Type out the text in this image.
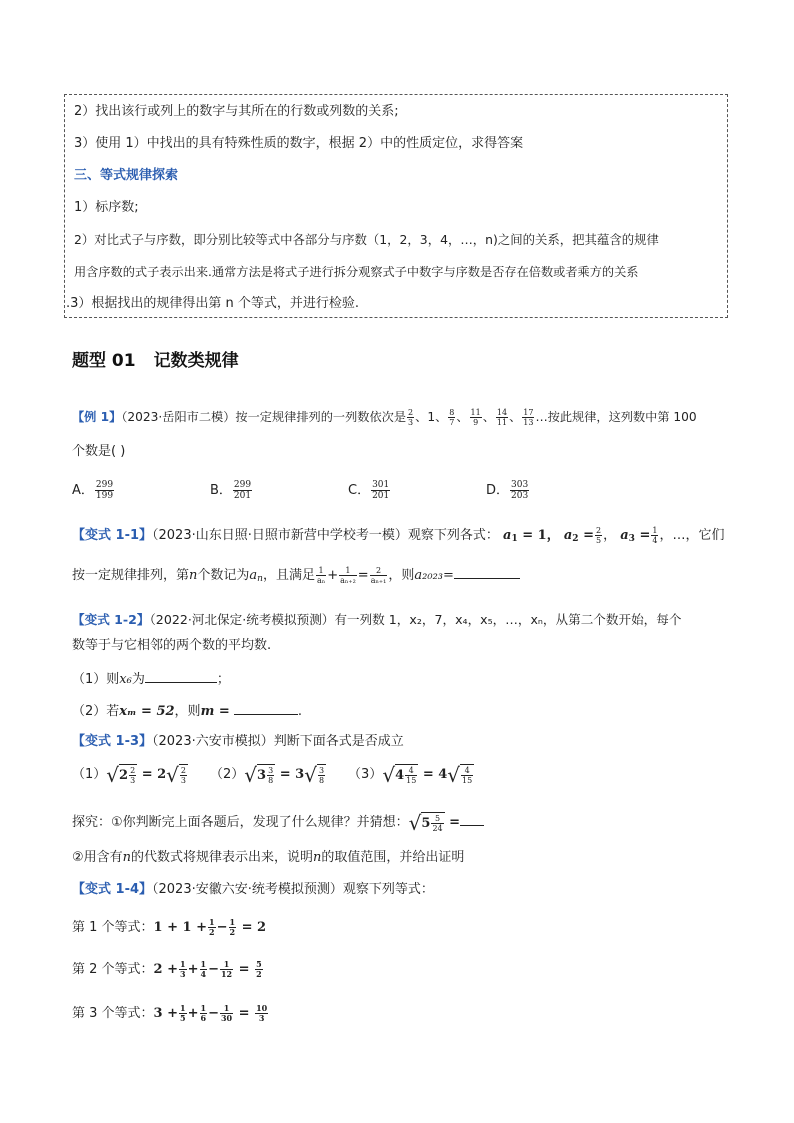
2）找出该行或列上的数字与其所在的行数或列数的关系;
3）使用 1）中找出的具有特殊性质的数字，根据 2）中的性质定位，求得答案
三、等式规律探索
1）标序数;
2）对比式子与序数，即分别比较等式中各部分与序数（1，2，3，4，…，n)之间的关系，把其蕴含的规律
用含序数的式子表示出来.通常方法是将式子进行拆分观察式子中数字与序数是否存在倍数或者乘方的关系
.3）根据找出的规律得出第 n 个等式，并进行检验.
题型 01 记数类规律
【例 1】（2023·岳阳市二模）按一定规律排列的一列数依次是 $\frac{2}{3}$ 、1、 $\frac{8}{7}$ 、 $\frac{11}{9}$ 、 $\frac{14}{11}$ 、 $\frac{17}{13}$ …按此规律，这列数中第 100
个数是( )
A． $\frac{299}{199}$	B． $\frac{299}{201}$	C． $\frac{301}{201}$	D． $\frac{303}{203}$
【变式 1-1】（2023·山东日照·日照市新营中学校考一模）观察下列各式： $a_1 = 1$， $a_2 = \frac{2}{5}$ ， $a_3 = \frac{1}{4}$ ，…，它们
按一定规律排列，第n个数记为$a_n$，且满足 $\frac{1}{\text{aₙ}} + \frac{1}{\text{aₙ₊₂}} = \frac{2}{\text{aₙ₊₁}}$ ，则a₂₀₂₃=
【变式 1-2】（2022·河北保定·统考模拟预测）有一列数 1，x₂，7，x₄，x₅，…，xₙ，从第二个数开始，每个
数等于与它相邻的两个数的平均数.
（1）则x₆为	；
（2）若xₘ = 52，则m =	.
【变式 1-3】（2023·六安市模拟）判断下面各式是否成立
$(1)√2 \frac{2}{3} = 2√ \frac{2}{3} (2)√3 \frac{3}{8} = 3√ \frac{3}{8} (3)√4 \frac{4}{15} = 4√ \frac{4}{15}$
探究：①你判断完上面各题后，发现了什么规律？并猜想：$√5 \frac{5}{24}$ =
②用含有n的代数式将规律表示出来，说明n的取值范围，并给出证明
【变式 1-4】（2023·安徽六安·统考模拟预测）观察下列等式：
第 1 个等式：$1 + 1 + \frac{1}{2} - \frac{1}{2} = 2$
第 2 个等式：$2 + \frac{1}{3} + \frac{1}{4} - \frac{1}{12} = \frac{5}{2}$
第 3 个等式：$3 + \frac{1}{5} + \frac{1}{6} - \frac{1}{30} = \frac{10}{3}$
